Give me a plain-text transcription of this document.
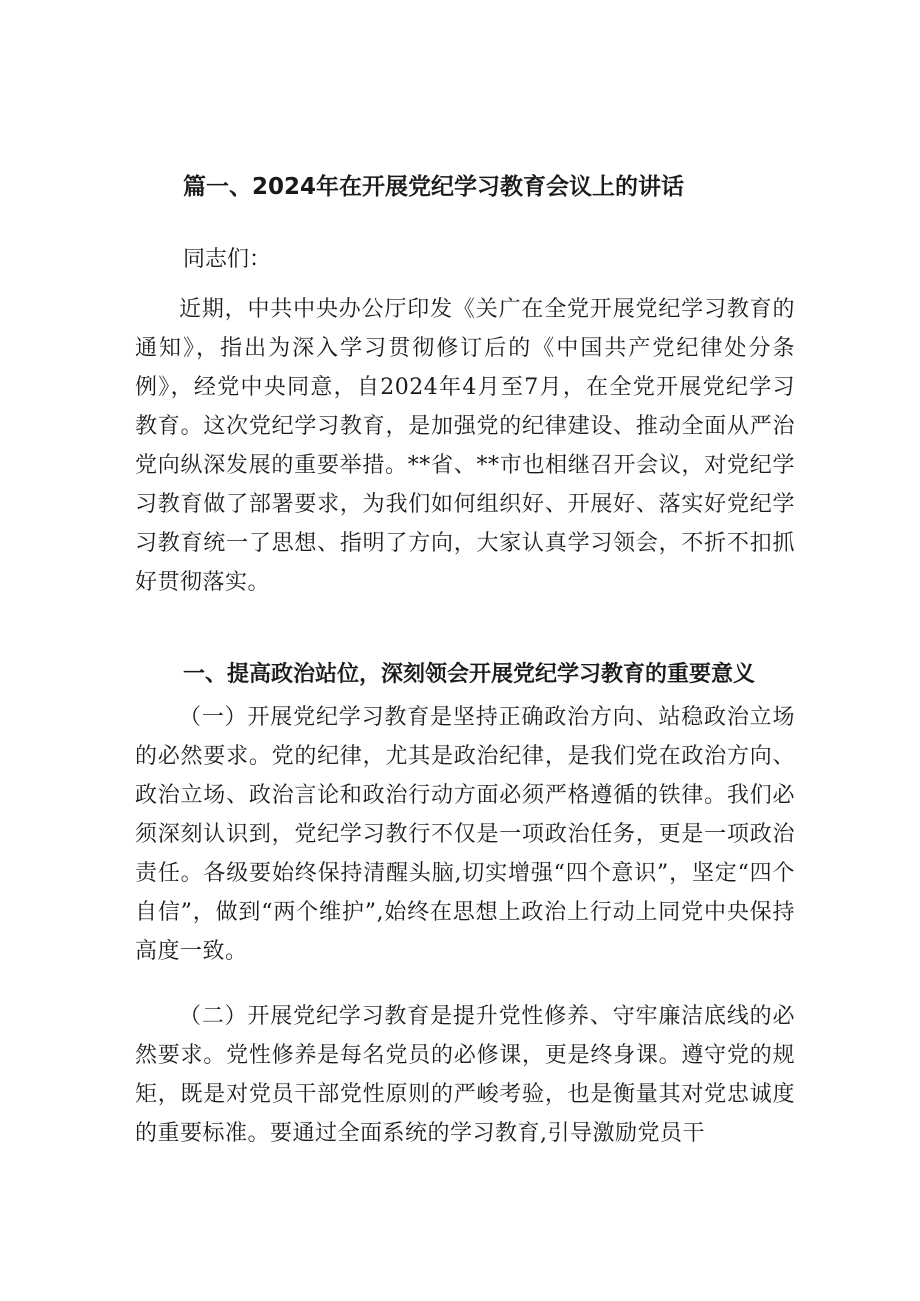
篇一、2024年在开展党纪学习教育会议上的讲话
同志们：
近期，中共中央办公厅印发《关广在全党开展党纪学习教育的通知》，指出为深入学习贯彻修订后的《中国共产党纪律处分条例》，经党中央同意，自2024年4月至7月，在全党开展党纪学习教育。这次党纪学习教育，是加强党的纪律建设、推动全面从严治党向纵深发展的重要举措。**省、**市也相继召开会议，对党纪学习教育做了部署要求，为我们如何组织好、开展好、落实好党纪学习教育统一了思想、指明了方向，大家认真学习领会，不折不扣抓好贯彻落实。
一、提高政治站位，深刻领会开展党纪学习教育的重要意义
（一）开展党纪学习教育是坚持正确政治方向、站稳政治立场的必然要求。党的纪律，尤其是政治纪律，是我们党在政治方向、政治立场、政治言论和政治行动方面必须严格遵循的铁律。我们必须深刻认识到，党纪学习教行不仅是一项政治任务，更是一项政治责任。各级要始终保持清醒头脑,切实增强“四个意识”，坚定“四个自信”，做到“两个维护”,始终在思想上政治上行动上同党中央保持高度一致。
（二）开展党纪学习教育是提升党性修养、守牢廉洁底线的必然要求。党性修养是每名党员的必修课，更是终身课。遵守党的规矩，既是对党员干部党性原则的严峻考验，也是衡量其对党忠诚度的重要标准。要通过全面系统的学习教育,引导激励党员干
